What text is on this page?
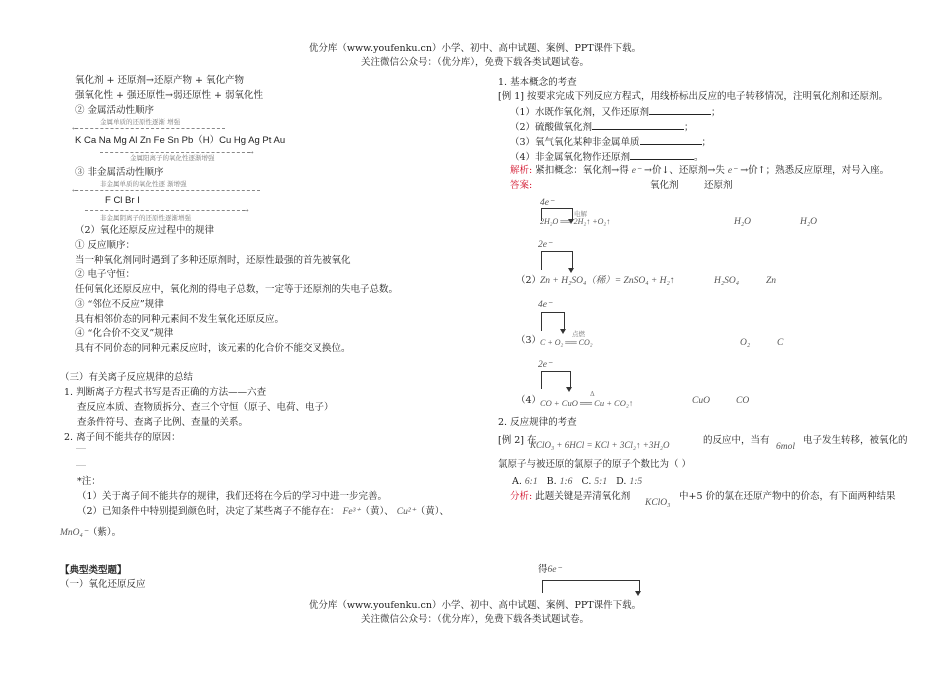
优分库（www.youfenku.cn）小学、初中、高中试题、案例、PPT课件下载。
关注微信公众号：（优分库），免费下载各类试题试卷。
氧化剂 + 还原剂→还原产物 + 氧化产物
强氧化性 + 强还原性→弱还原性 + 弱氧化性
② 金属活动性顺序
金属单质的还原性逐渐 增强
←
K Ca Na Mg Al Zn Fe Sn Pb（H）Cu Hg Ag Pt Au
→
金属阳离子的氧化性逐渐增强
③ 非金属活动性顺序
非金属单质的氧化性逐 渐增强
←
F Cl Br I
→
非金属阴离子的还原性逐渐增强
（2）氧化还原反应过程中的规律
① 反应顺序：
当一种氧化剂同时遇到了多种还原剂时，还原性最强的首先被氧化
② 电子守恒：
任何氧化还原反应中，氧化剂的得电子总数，一定等于还原剂的失电子总数。
③ “邻位不反应”规律
具有相邻价态的同种元素间不发生氧化还原反应。
④ “化合价不交叉”规律
具有不同价态的同种元素反应时，该元素的化合价不能交叉换位。
（三）有关离子反应规律的总结
1. 判断离子方程式书写是否正确的方法——六查
查反应本质、查物质拆分、查三个守恒（原子、电荷、电子）
查条件符号、查离子比例、查量的关系。
2. 离子间不能共存的原因：
*注：
（1）关于离子间不能共存的规律，我们还将在今后的学习中进一步完善。
（2）已知条件中特别提到颜色时，决定了某些离子不能存在： Fe³⁺（黄）、 Cu²⁺（黄）、
MnO₄⁻（紫）。
【典型类型题】
（一）氧化还原反应
1. 基本概念的考查
[例 1] 按要求完成下列反应方程式，用线桥标出反应的电子转移情况，注明氧化剂和还原剂。
（1）水既作氧化剂，又作还原剂	；
（2）硫酸做氧化剂	；
（3）氧气氧化某种非金属单质	；
（4）非金属氧化物作还原剂	。
解析: 紧扣概念：氧化剂→得 e⁻ →价↓、还原剂→失 e⁻ →价↑；熟悉反应原理，对号入座。
答案:	氧化剂	还原剂
4e⁻
电解
2H₂O ══ 2H₂↑ +O₂↑	H₂O	H₂O
2e⁻
（2）
Zn + H₂SO₄（稀）= ZnSO₄ + H₂↑	H₂SO₄	Zn
4e⁻
（3）
点燃
C + O₂ ══ CO₂	O₂	C
2e⁻
（4）
Δ
CO + CuO ══ Cu + CO₂↑	CuO	CO
2. 反应规律的考查
[例 2] 在
KClO₃ + 6HCl = KCl + 3Cl₂↑ +3H₂O	的反应中，当有
6mol
电子发生转移，被氧化的
氯原子与被还原的氯原子的原子个数比为（ ）
A. 6:1 B. 1:6 C. 5:1 D. 1:5
分析: 此题关键是弄清氧化剂
KClO₃
中+5 价的氯在还原产物中的价态，有下面两种结果
得6e⁻
优分库（www.youfenku.cn）小学、初中、高中试题、案例、PPT课件下载。
关注微信公众号：（优分库），免费下载各类试题试卷。
